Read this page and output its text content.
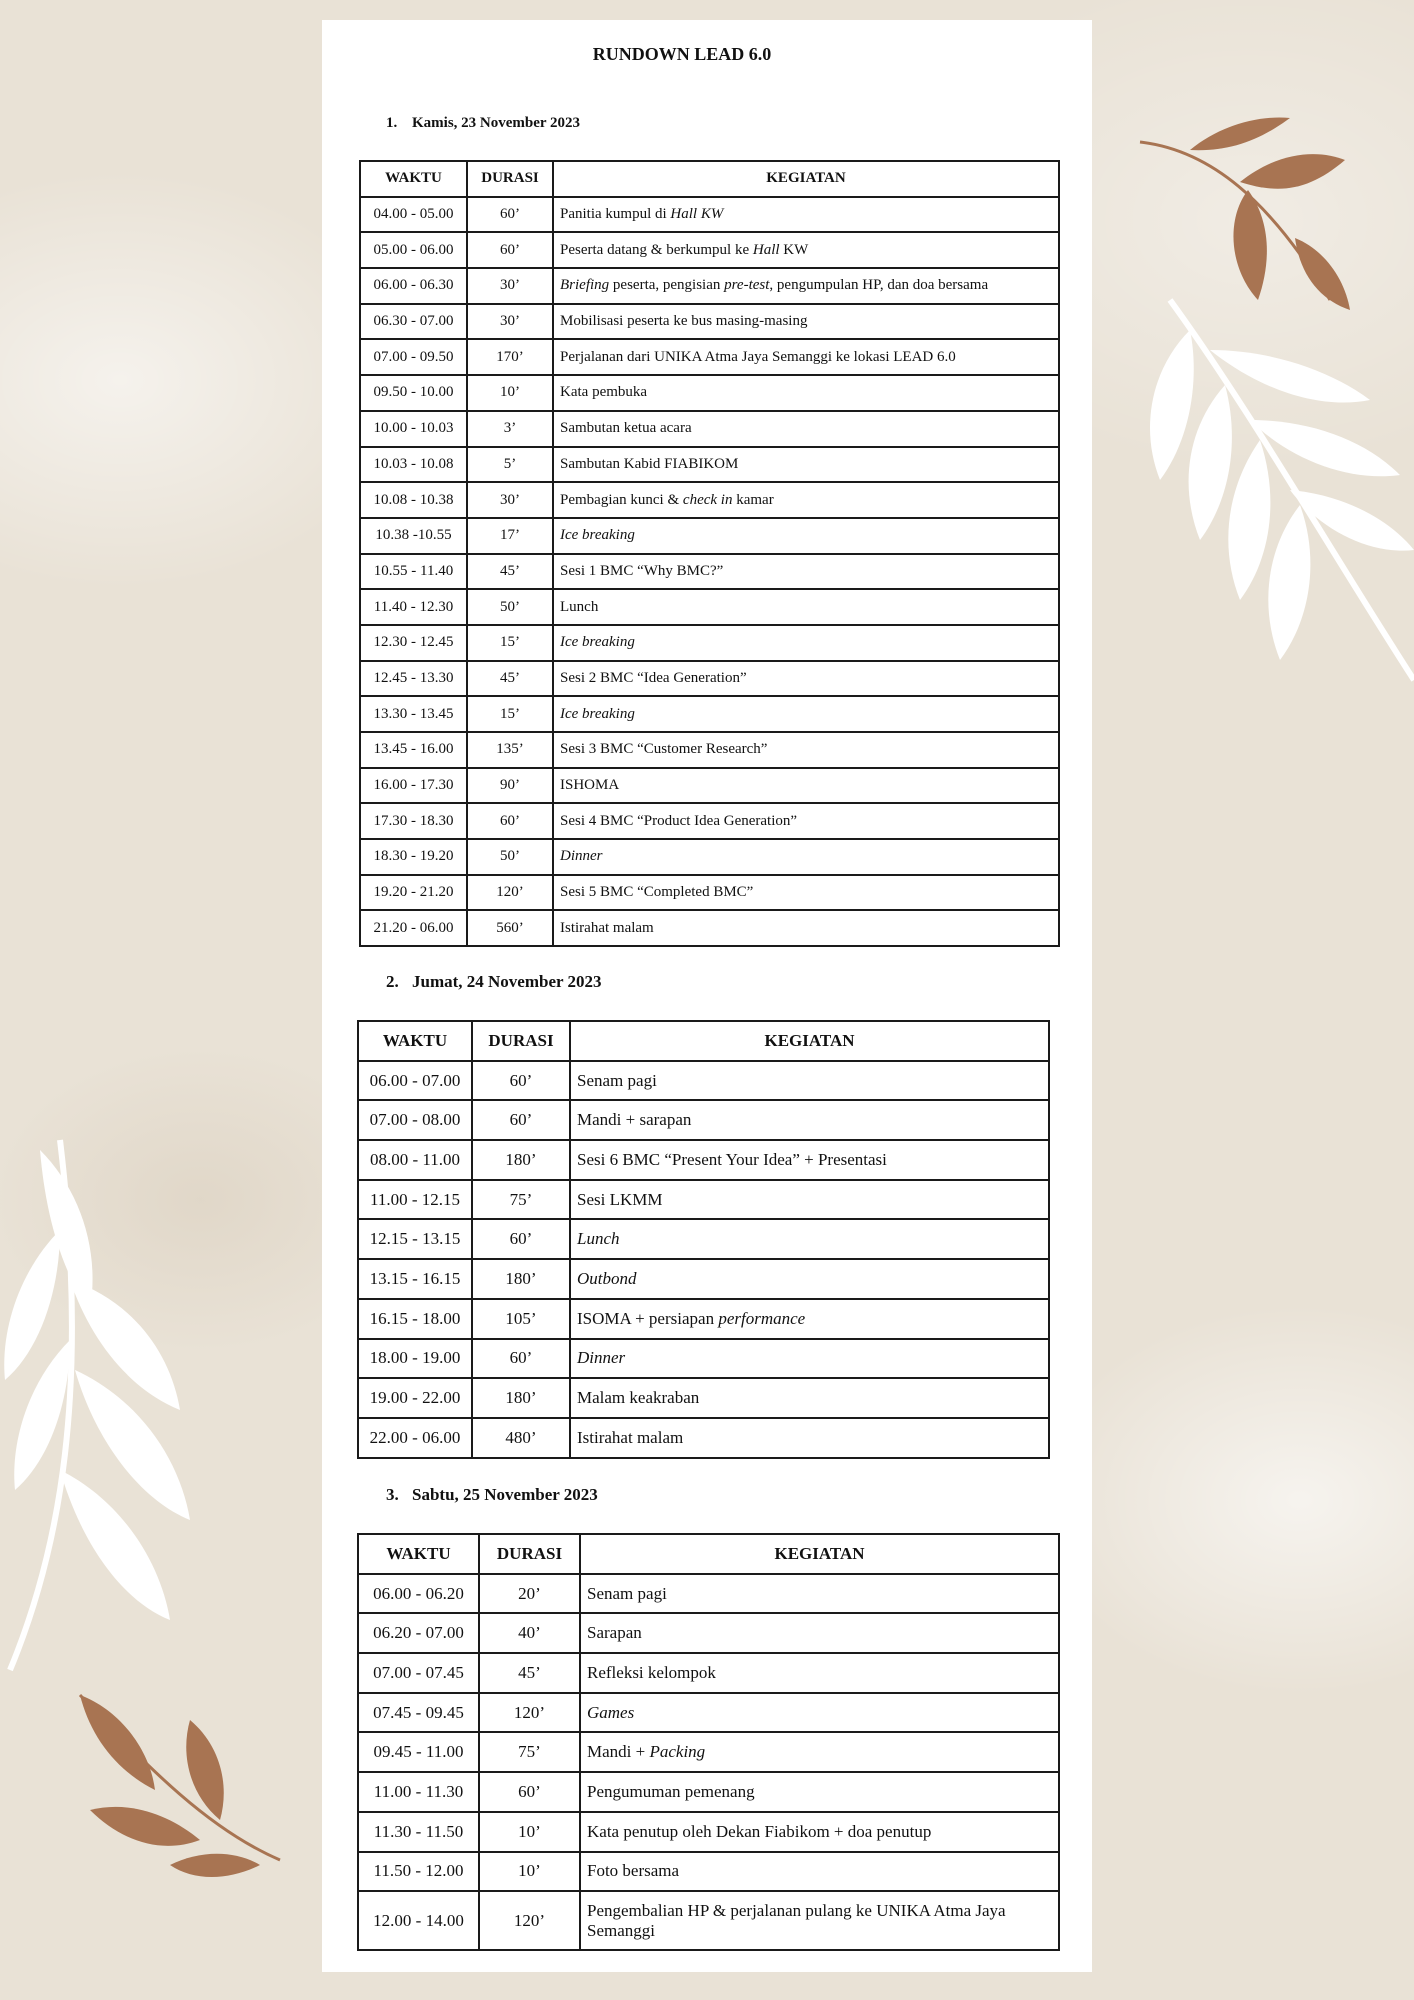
RUNDOWN LEAD 6.0
1. Kamis, 23 November 2023
WAKTU	DURASI	KEGIATAN
04.00 - 05.00	60’	Panitia kumpul di Hall KW
05.00 - 06.00	60’	Peserta datang & berkumpul ke Hall KW
06.00 - 06.30	30’	Briefing peserta, pengisian pre-test, pengumpulan HP, dan doa bersama
06.30 - 07.00	30’	Mobilisasi peserta ke bus masing-masing
07.00 - 09.50	170’	Perjalanan dari UNIKA Atma Jaya Semanggi ke lokasi LEAD 6.0
09.50 - 10.00	10’	Kata pembuka
10.00 - 10.03	3’	Sambutan ketua acara
10.03 - 10.08	5’	Sambutan Kabid FIABIKOM
10.08 - 10.38	30’	Pembagian kunci & check in kamar
10.38 -10.55	17’	Ice breaking
10.55 - 11.40	45’	Sesi 1 BMC “Why BMC?”
11.40 - 12.30	50’	Lunch
12.30 - 12.45	15’	Ice breaking
12.45 - 13.30	45’	Sesi 2 BMC “Idea Generation”
13.30 - 13.45	15’	Ice breaking
13.45 - 16.00	135’	Sesi 3 BMC “Customer Research”
16.00 - 17.30	90’	ISHOMA
17.30 - 18.30	60’	Sesi 4 BMC “Product Idea Generation”
18.30 - 19.20	50’	Dinner
19.20 - 21.20	120’	Sesi 5 BMC “Completed BMC”
21.20 - 06.00	560’	Istirahat malam
2. Jumat, 24 November 2023
WAKTU	DURASI	KEGIATAN
06.00 - 07.00	60’	Senam pagi
07.00 - 08.00	60’	Mandi + sarapan
08.00 - 11.00	180’	Sesi 6 BMC “Present Your Idea” + Presentasi
11.00 - 12.15	75’	Sesi LKMM
12.15 - 13.15	60’	Lunch
13.15 - 16.15	180’	Outbond
16.15 - 18.00	105’	ISOMA + persiapan performance
18.00 - 19.00	60’	Dinner
19.00 - 22.00	180’	Malam keakraban
22.00 - 06.00	480’	Istirahat malam
3. Sabtu, 25 November 2023
WAKTU	DURASI	KEGIATAN
06.00 - 06.20	20’	Senam pagi
06.20 - 07.00	40’	Sarapan
07.00 - 07.45	45’	Refleksi kelompok
07.45 - 09.45	120’	Games
09.45 - 11.00	75’	Mandi + Packing
11.00 - 11.30	60’	Pengumuman pemenang
11.30 - 11.50	10’	Kata penutup oleh Dekan Fiabikom + doa penutup
11.50 - 12.00	10’	Foto bersama
12.00 - 14.00	120’	Pengembalian HP & perjalanan pulang ke UNIKA Atma Jaya Semanggi
